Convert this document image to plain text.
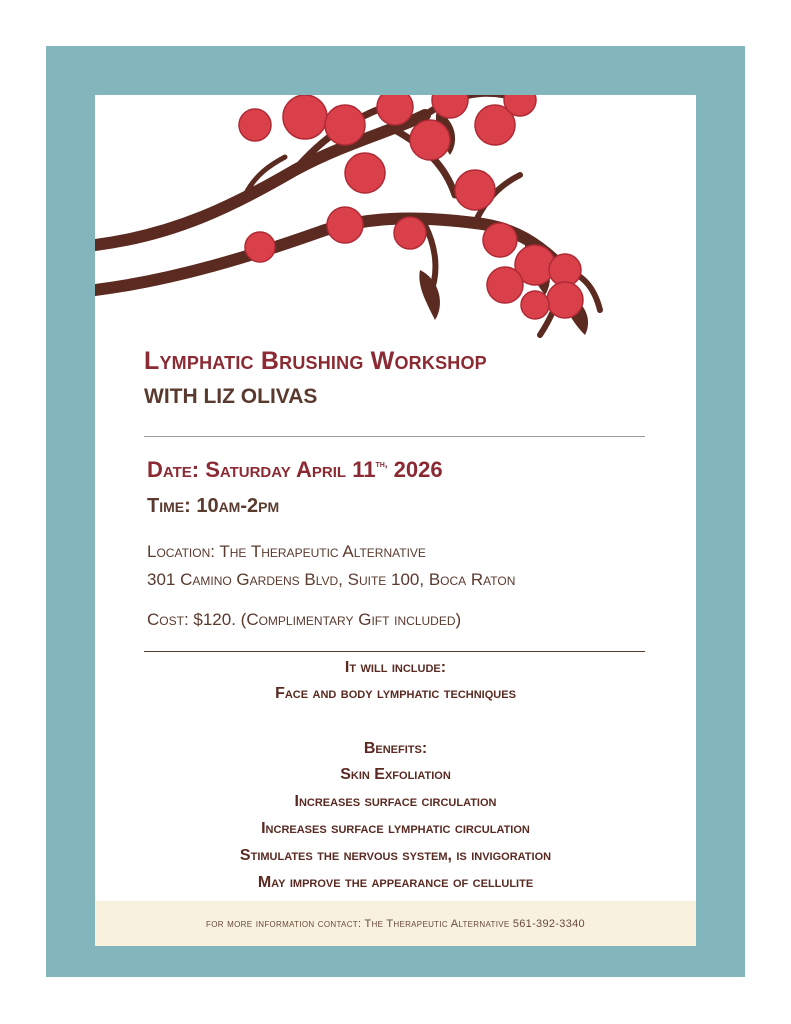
Lymphatic Brushing Workshop
WITH LIZ OLIVAS

Date: Saturday April $11^{th,}$ 2026

Time: 10am-2pm

Location: The Therapeutic Alternative

301 Camino Gardens Blvd, Suite 100, Boca Raton

Cost: $120. (Complimentary Gift included)

It will include:

Face and body lymphatic techniques

Benefits:

Skin Exfoliation

Increases surface circulation

Increases surface lymphatic circulation

Stimulates the nervous system, is invigoration

May improve the appearance of cellulite

for more information contact: The Therapeutic Alternative 561-392-3340
